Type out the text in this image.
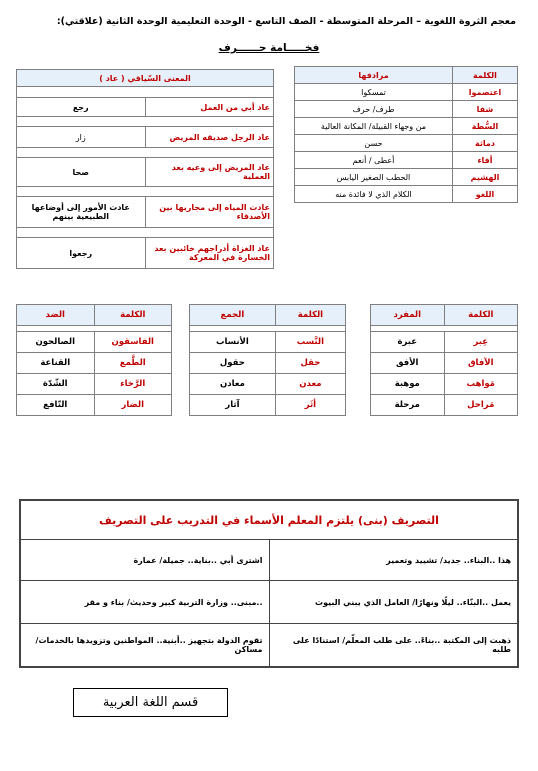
معجم الثروة اللغوية – المرحلة المتوسطة - الصف التاسع - الوحدة التعليمية الوحدة الثانية (علاقتي):
فخـــــامة حــــــرف
الكلمة	مرادفها
اعتصموا	تمسكوا
شفا	طرف/ حرف
السُّطة	من وجهاء القبيلة/ المكانة العالية
دماثة	حسن
أفاء	أعطى / أنعم
الهشيم	الحطب الصغير اليابس
اللغو	الكلام الذي لا فائدة منه
المعنى السّياقي ( عاد )	

عاد أبي من العمل	رجع

عاد الرجل صديقه المريض	زار

عاد المريض إلى وعيه بعد العملية	صحا

عادت المياه إلى مجاريها بين الأصدقاء	عادت الأمور إلى أوضاعها الطبيعية بينهم

عاد الغزاة أدراجهم خائبين بعد الخسارة في المعركة	رجعوا
الكلمة	المفرد

عِبر	عبرة
الآفاق	الأفق
مَواهب	موهبة
مَراحل	مرحلة
الكلمة	الجمع

النَّسب	الأنساب
حقل	حقول
معدن	معادن
أثَر	آثار
الكلمة	الضد

الفاسقون	الصالحون
الطَّمع	القناعة
الرَّخاء	الشّدّة
الضار	النّافع
التصريف (بنى) يلتزم المعلم الأسماء في التدريب على التصريف	
هذا ..البناء.. جديد/ تشييد وتعمير	اشترى أبي ..بناية.. جميلة/ عمارة
يعمل ..البنّاء.. ليلًا ونهارًا/ العامل الذي يبني البيوت	..مبنى.. وزارة التربية كبير وحديث/ بناء و مقر
ذهبت إلى المكتبة ..بناءً.. على طلب المعلّم/ استنادًا على طلبه	تقوم الدولة بتجهيز ..أبنية.. المواطنين وتزويدها بالخدمات/ مساكن
قسم اللغة العربية
